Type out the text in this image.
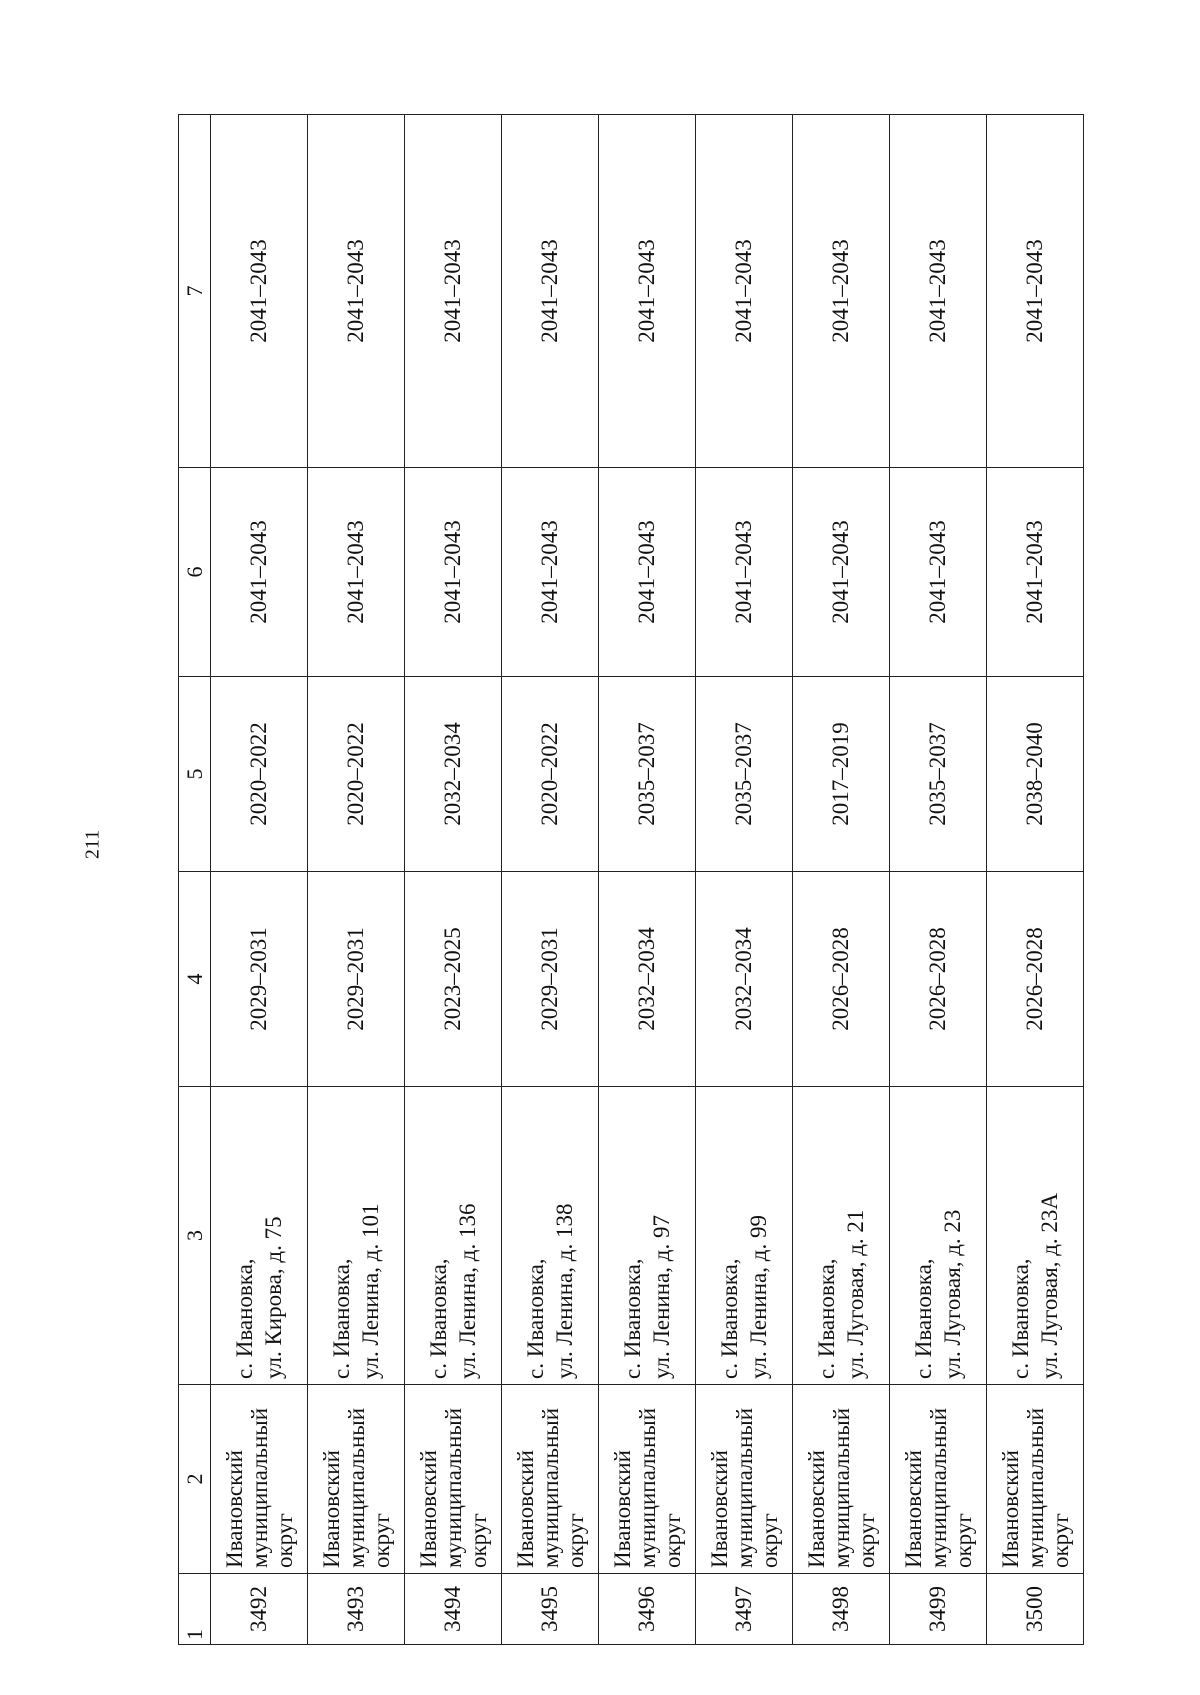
211
1	2	3	4	5	6	7
3492	Ивановский муниципальный округ	с. Ивановка, ул. Кирова, д. 75	2029–2031	2020–2022	2041–2043	2041–2043
3493	Ивановский муниципальный округ	с. Ивановка, ул. Ленина, д. 101	2029–2031	2020–2022	2041–2043	2041–2043
3494	Ивановский муниципальный округ	с. Ивановка, ул. Ленина, д. 136	2023–2025	2032–2034	2041–2043	2041–2043
3495	Ивановский муниципальный округ	с. Ивановка, ул. Ленина, д. 138	2029–2031	2020–2022	2041–2043	2041–2043
3496	Ивановский муниципальный округ	с. Ивановка, ул. Ленина, д. 97	2032–2034	2035–2037	2041–2043	2041–2043
3497	Ивановский муниципальный округ	с. Ивановка, ул. Ленина, д. 99	2032–2034	2035–2037	2041–2043	2041–2043
3498	Ивановский муниципальный округ	с. Ивановка, ул. Луговая, д. 21	2026–2028	2017–2019	2041–2043	2041–2043
3499	Ивановский муниципальный округ	с. Ивановка, ул. Луговая, д. 23	2026–2028	2035–2037	2041–2043	2041–2043
3500	Ивановский муниципальный округ	с. Ивановка, ул. Луговая, д. 23А	2026–2028	2038–2040	2041–2043	2041–2043
